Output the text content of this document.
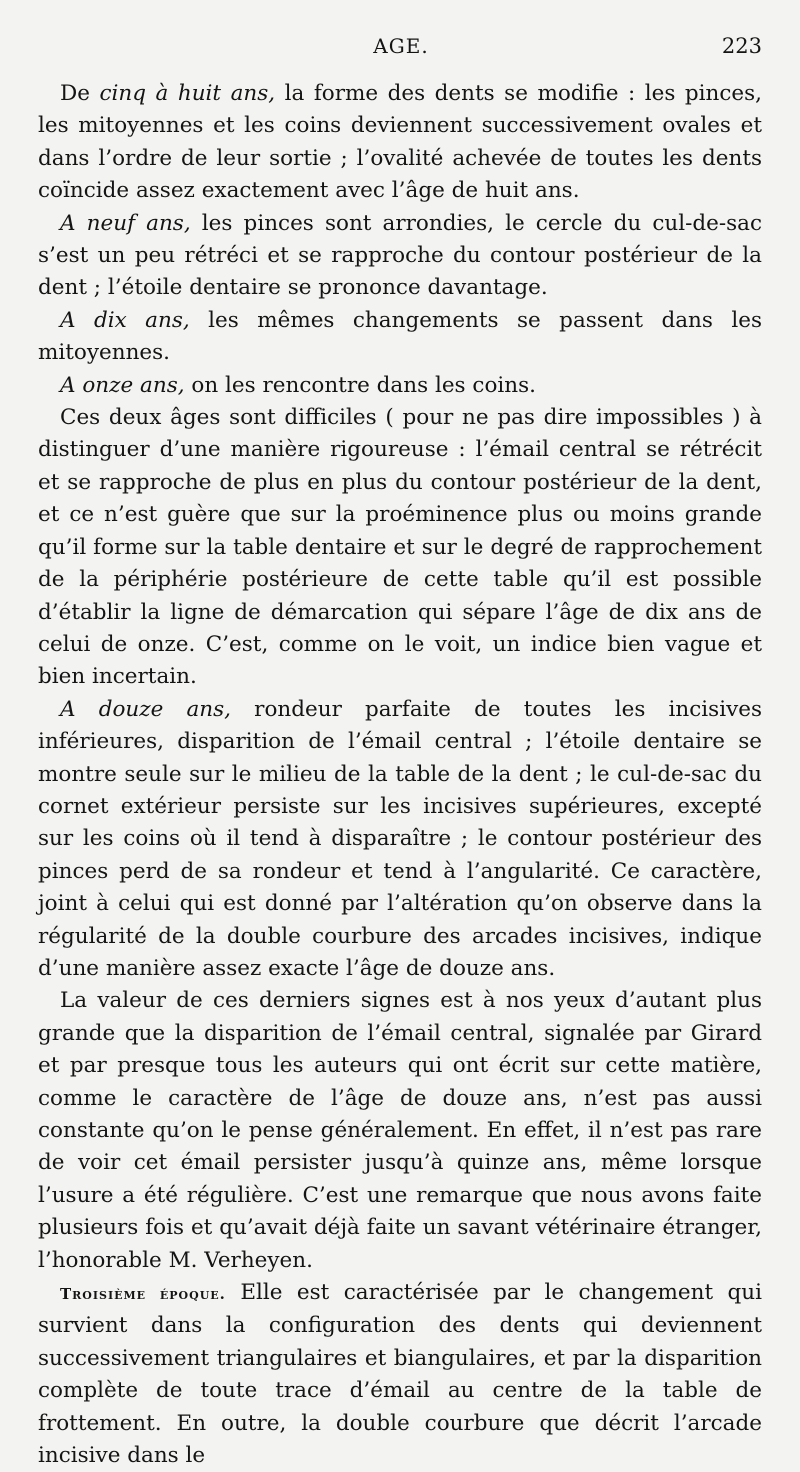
AGE.	223

De cinq à huit ans, la forme des dents se modifie : les pinces, les mitoyennes et les coins deviennent successivement ovales et dans l’ordre de leur sortie ; l’ovalité achevée de toutes les dents coïncide assez exactement avec l’âge de huit ans.

A neuf ans, les pinces sont arrondies, le cercle du cul-de-sac s’est un peu rétréci et se rapproche du contour postérieur de la dent ; l’étoile dentaire se prononce davantage.

A dix ans, les mêmes changements se passent dans les mitoyennes.

A onze ans, on les rencontre dans les coins.

Ces deux âges sont difficiles ( pour ne pas dire impossibles ) à distinguer d’une manière rigoureuse : l’émail central se rétrécit et se rapproche de plus en plus du contour postérieur de la dent, et ce n’est guère que sur la proéminence plus ou moins grande qu’il forme sur la table dentaire et sur le degré de rapprochement de la périphérie postérieure de cette table qu’il est possible d’établir la ligne de démarcation qui sépare l’âge de dix ans de celui de onze. C’est, comme on le voit, un indice bien vague et bien incertain.

A douze ans, rondeur parfaite de toutes les incisives inférieures, disparition de l’émail central ; l’étoile dentaire se montre seule sur le milieu de la table de la dent ; le cul-de-sac du cornet extérieur persiste sur les incisives supérieures, excepté sur les coins où il tend à disparaître ; le contour postérieur des pinces perd de sa rondeur et tend à l’angularité. Ce caractère, joint à celui qui est donné par l’altération qu’on observe dans la régularité de la double courbure des arcades incisives, indique d’une manière assez exacte l’âge de douze ans.

La valeur de ces derniers signes est à nos yeux d’autant plus grande que la disparition de l’émail central, signalée par Girard et par presque tous les auteurs qui ont écrit sur cette matière, comme le caractère de l’âge de douze ans, n’est pas aussi constante qu’on le pense généralement. En effet, il n’est pas rare de voir cet émail persister jusqu’à quinze ans, même lorsque l’usure a été régulière. C’est une remarque que nous avons faite plusieurs fois et qu’avait déjà faite un savant vétérinaire étranger, l’honorable M. Verheyen.

Troisième époque. Elle est caractérisée par le changement qui survient dans la configuration des dents qui deviennent successivement triangulaires et biangulaires, et par la disparition complète de toute trace d’émail au centre de la table de frottement. En outre, la double courbure que décrit l’arcade incisive dans le
